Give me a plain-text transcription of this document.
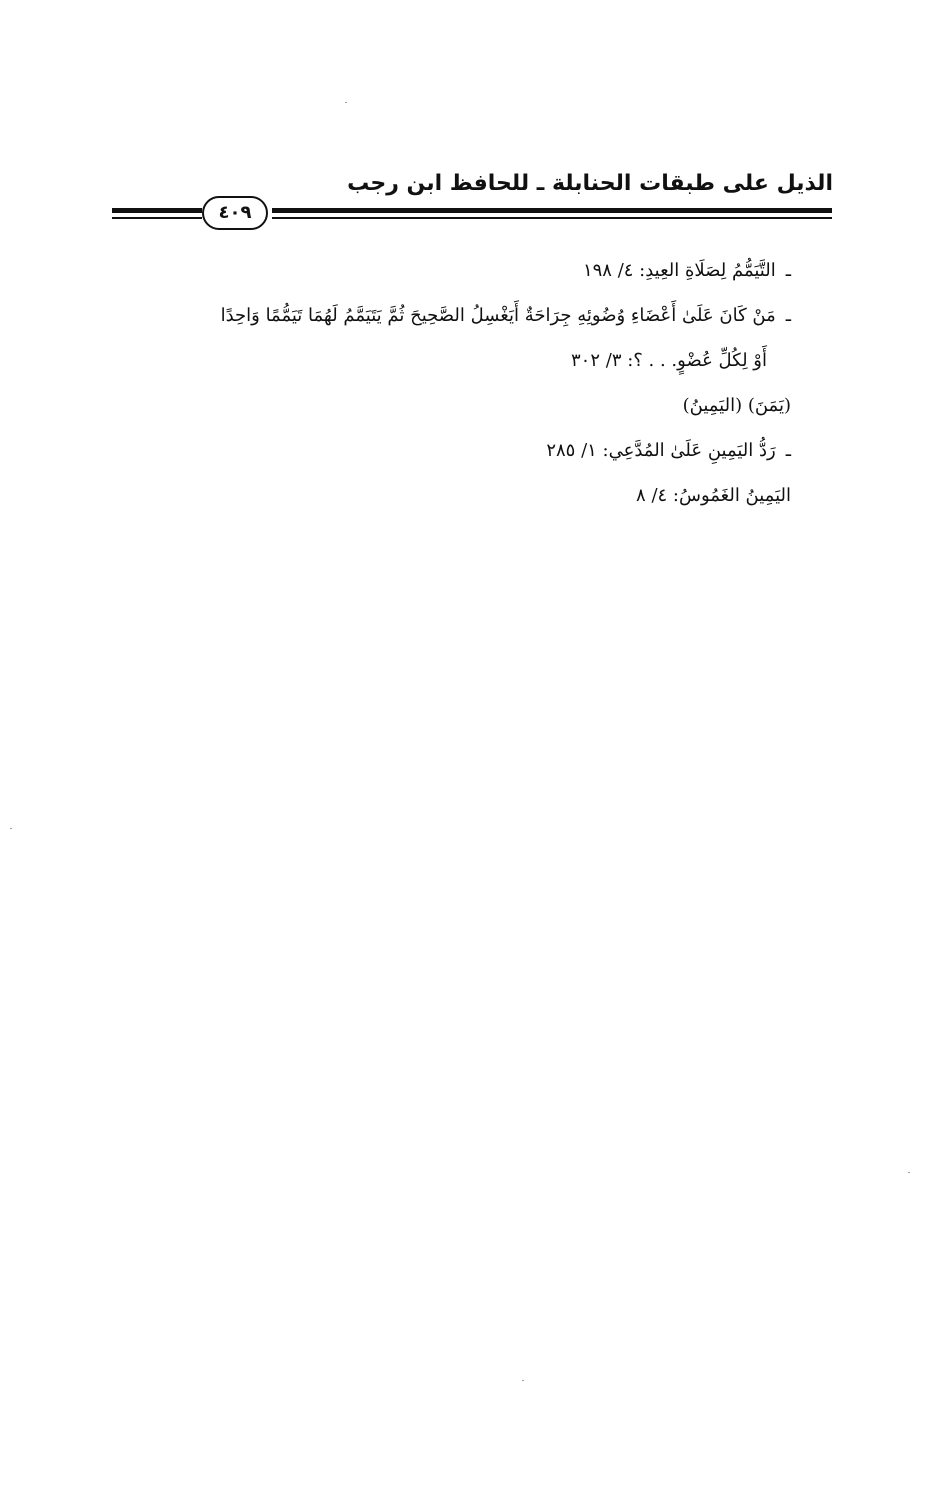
الذيل على طبقات الحنابلة ـ للحافظ ابن رجب
٤٠٩
ـالتَّيَمُّمُ لِصَلَاةِ العِيدِ: ٤/ ١٩٨
ـمَنْ كَانَ عَلَىٰ أَعْضَاءِ وُضُوئِهِ جِرَاحَةٌ أَيَغْسِلُ الصَّحِيحَ ثُمَّ يَتَيَمَّمُ لَهُمَا تَيَمُّمًا وَاحِدًا
أَوْ لِكُلِّ عُضْوٍ. . . ؟: ٣/ ٣٠٢
(يَمَنَ) (اليَمِينُ)
ـرَدُّ اليَمِينِ عَلَىٰ المُدَّعِي: ١/ ٢٨٥
اليَمِينُ الغَمُوسُ: ٤/ ٨
